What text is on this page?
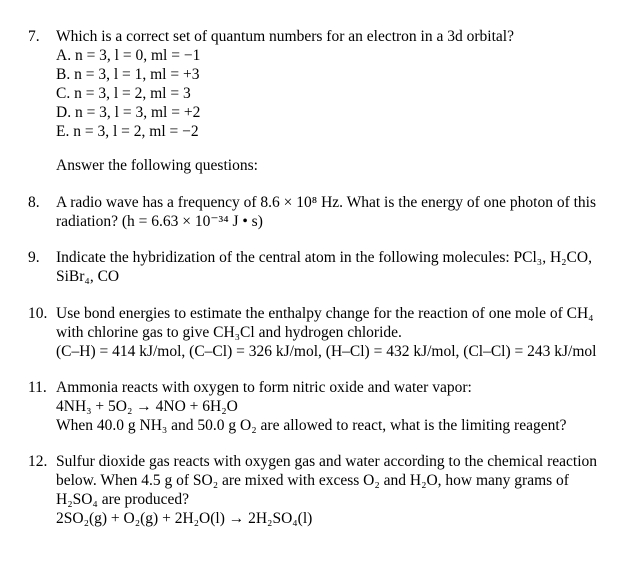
7.	Which is a correct set of quantum numbers for an electron in a 3d orbital?
A. n = 3, l = 0, ml = −1
B. n = 3, l = 1, ml = +3
C. n = 3, l = 2, ml = 3
D. n = 3, l = 3, ml = +2
E. n = 3, l = 2, ml = −2
Answer the following questions:
8.	A radio wave has a frequency of 8.6 × 10⁸ Hz. What is the energy of one photon of this
radiation? (h = 6.63 × 10⁻³⁴ J • s)
9.	Indicate the hybridization of the central atom in the following molecules: PCl₃, H₂CO,
SiBr₄, CO
10. Use bond energies to estimate the enthalpy change for the reaction of one mole of CH₄
with chlorine gas to give CH₃Cl and hydrogen chloride.
(C–H) = 414 kJ/mol, (C–Cl) = 326 kJ/mol, (H–Cl) = 432 kJ/mol, (Cl–Cl) = 243 kJ/mol
11. Ammonia reacts with oxygen to form nitric oxide and water vapor:
4NH₃ + 5O₂ → 4NO + 6H₂O
When 40.0 g NH₃ and 50.0 g O₂ are allowed to react, what is the limiting reagent?
12. Sulfur dioxide gas reacts with oxygen gas and water according to the chemical reaction
below. When 4.5 g of SO₂ are mixed with excess O₂ and H₂O, how many grams of
H₂SO₄ are produced?
2SO₂(g) + O₂(g) + 2H₂O(l) → 2H₂SO₄(l)
